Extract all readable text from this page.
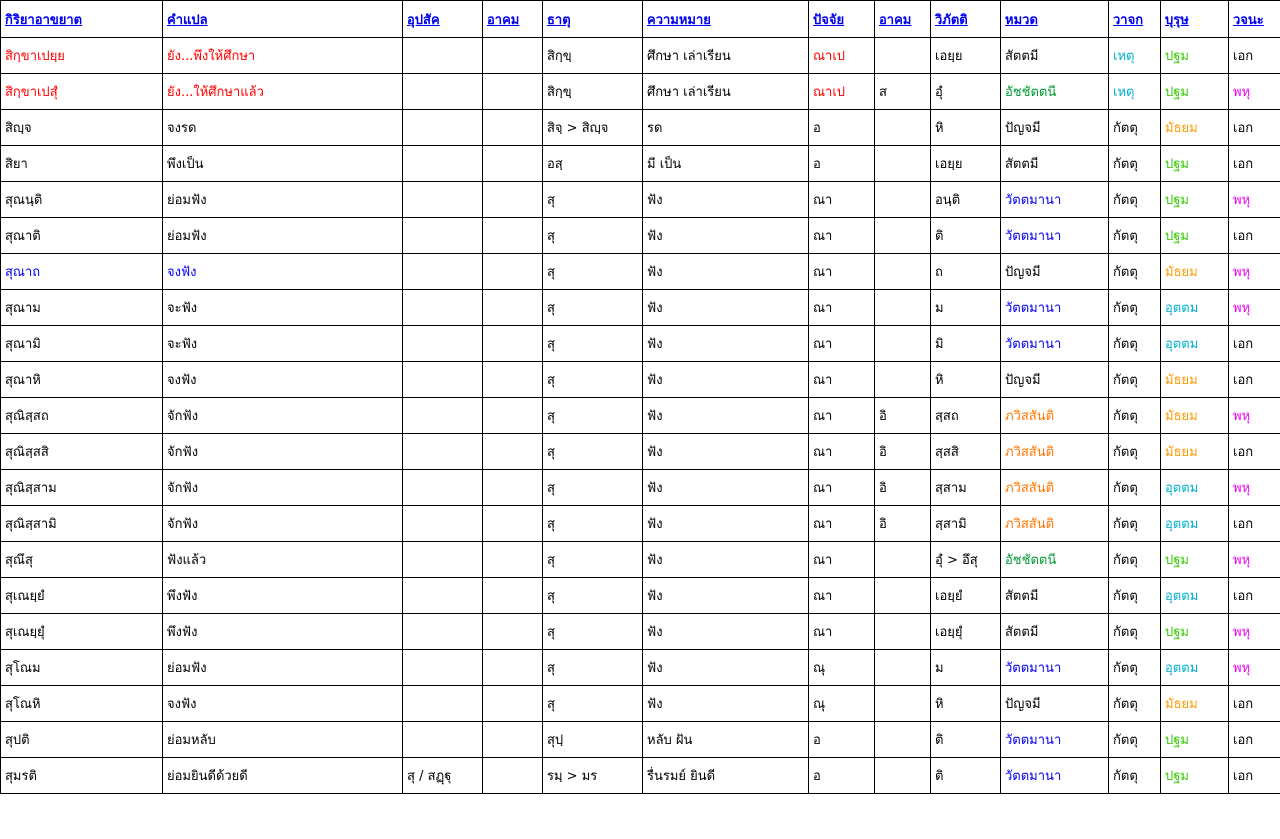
กิริยาอาขยาต	คำแปล	อุปสัค	อาคม	ธาตุ	ความหมาย	ปัจจัย	อาคม	วิภัตติ	หมวด	วาจก	บุรุษ	วจนะ
สิกฺขาเปยฺย	ยัง...พึงให้ศึกษา			สิกฺขฺ	ศึกษา เล่าเรียน	ณาเป		เอยฺย	สัตตมี	เหตุ	ปฐม	เอก
สิกฺขาเปสุํ	ยัง...ให้ศึกษาแล้ว			สิกฺขฺ	ศึกษา เล่าเรียน	ณาเป	ส	อุํ	อัชชัตตนี	เหตุ	ปฐม	พหุ
สิญฺจ	จงรด			สิจฺ > สิญฺจ	รด	อ		หิ	ปัญจมี	กัตตุ	มัธยม	เอก
สิยา	พึงเป็น			อสฺ	มี เป็น	อ		เอยฺย	สัตตมี	กัตตุ	ปฐม	เอก
สุณนฺติ	ย่อมฟัง			สุ	ฟัง	ณา		อนฺติ	วัตตมานา	กัตตุ	ปฐม	พหุ
สุณาติ	ย่อมฟัง			สุ	ฟัง	ณา		ติ	วัตตมานา	กัตตุ	ปฐม	เอก
สุณาถ	จงฟัง			สุ	ฟัง	ณา		ถ	ปัญจมี	กัตตุ	มัธยม	พหุ
สุณาม	จะฟัง			สุ	ฟัง	ณา		ม	วัตตมานา	กัตตุ	อุตตม	พหุ
สุณามิ	จะฟัง			สุ	ฟัง	ณา		มิ	วัตตมานา	กัตตุ	อุตตม	เอก
สุณาหิ	จงฟัง			สุ	ฟัง	ณา		หิ	ปัญจมี	กัตตุ	มัธยม	เอก
สุณิสฺสถ	จักฟัง			สุ	ฟัง	ณา	อิ	สฺสถ	ภวิสสันติ	กัตตุ	มัธยม	พหุ
สุณิสฺสสิ	จักฟัง			สุ	ฟัง	ณา	อิ	สฺสสิ	ภวิสสันติ	กัตตุ	มัธยม	เอก
สุณิสฺสาม	จักฟัง			สุ	ฟัง	ณา	อิ	สฺสาม	ภวิสสันติ	กัตตุ	อุตตม	พหุ
สุณิสฺสามิ	จักฟัง			สุ	ฟัง	ณา	อิ	สฺสามิ	ภวิสสันติ	กัตตุ	อุตตม	เอก
สุณึสุ	ฟังแล้ว			สุ	ฟัง	ณา		อุํ > อึสุ	อัชชัตตนี	กัตตุ	ปฐม	พหุ
สุเณยฺยํ	พึงฟัง			สุ	ฟัง	ณา		เอยฺยํ	สัตตมี	กัตตุ	อุตตม	เอก
สุเณยฺยุํ	พึงฟัง			สุ	ฟัง	ณา		เอยฺยุํ	สัตตมี	กัตตุ	ปฐม	พหุ
สุโณม	ย่อมฟัง			สุ	ฟัง	ณุ		ม	วัตตมานา	กัตตุ	อุตตม	พหุ
สุโณหิ	จงฟัง			สุ	ฟัง	ณุ		หิ	ปัญจมี	กัตตุ	มัธยม	เอก
สุปติ	ย่อมหลับ			สุปฺ	หลับ ฝัน	อ		ติ	วัตตมานา	กัตตุ	ปฐม	เอก
สุมรติ	ย่อมยินดีด้วยดี	สุ / สฏฺฐุ		รมฺ > มร	รื่นรมย์ ยินดี	อ		ติ	วัตตมานา	กัตตุ	ปฐม	เอก
